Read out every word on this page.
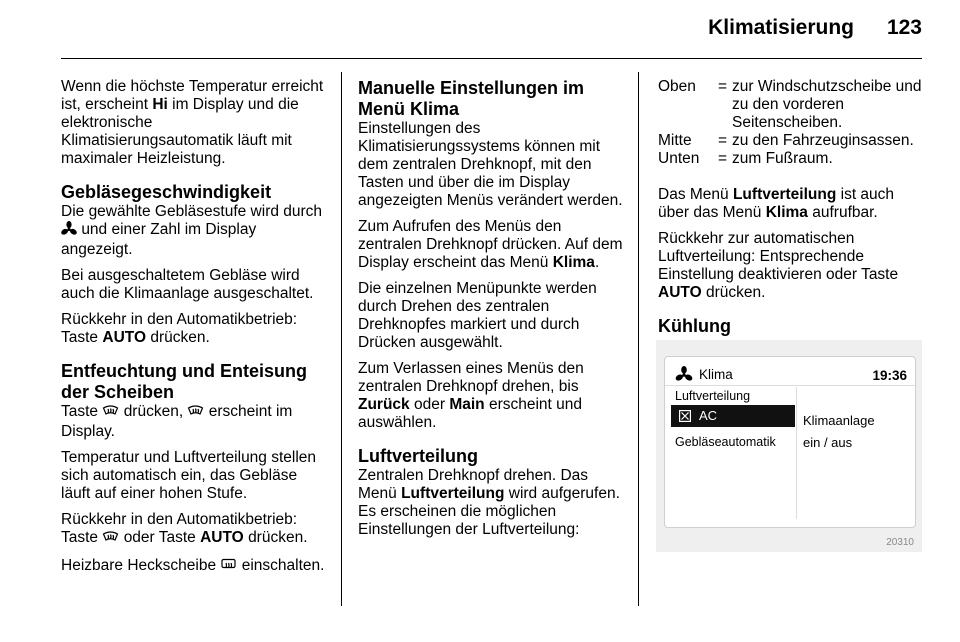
Klimatisierung 123

Wenn die höchste Temperatur erreicht ist, erscheint Hi im Display und die elektronische Klimatisierungsautomatik läuft mit maximaler Heizleistung.

Gebläsegeschwindigkeit

Die gewählte Gebläsestufe wird durch  und einer Zahl im Display angezeigt.

Bei ausgeschaltetem Gebläse wird auch die Klimaanlage ausgeschaltet.

Rückkehr in den Automatikbetrieb: Taste AUTO drücken.

Entfeuchtung und Enteisung der Scheiben

Taste drücken, erscheint im Display.

Temperatur und Luftverteilung stellen sich automatisch ein, das Gebläse läuft auf einer hohen Stufe.

Rückkehr in den Automatikbetrieb: Taste oder Taste AUTO drücken.

Heizbare Heckscheibe einschalten.

Manuelle Einstellungen im Menü Klima

Einstellungen des Klimatisierungssystems können mit dem zentralen Drehknopf, mit den Tasten und über die im Display angezeigten Menüs verändert werden.

Zum Aufrufen des Menüs den zentralen Drehknopf drücken. Auf dem Display erscheint das Menü Klima.

Die einzelnen Menüpunkte werden durch Drehen des zentralen Drehknopfes markiert und durch Drücken ausgewählt.

Zum Verlassen eines Menüs den zentralen Drehknopf drehen, bis Zurück oder Main erscheint und auswählen.

Luftverteilung

Zentralen Drehknopf drehen. Das Menü Luftverteilung wird aufgerufen. Es erscheinen die möglichen Einstellungen der Luftverteilung:

Oben	=	zur Windschutzscheibe und zu den vorderen Seitenscheiben.
Mitte	=	zu den Fahrzeuginsassen.
Unten	=	zum Fußraum.

Das Menü Luftverteilung ist auch über das Menü Klima aufrufbar.

Rückkehr zur automatischen Luftverteilung: Entsprechende Einstellung deaktivieren oder Taste AUTO drücken.

Kühlung
Klima	19:36
Luftverteilung
AC
Gebläseautomatik
Klimaanlage
ein / aus
20310
